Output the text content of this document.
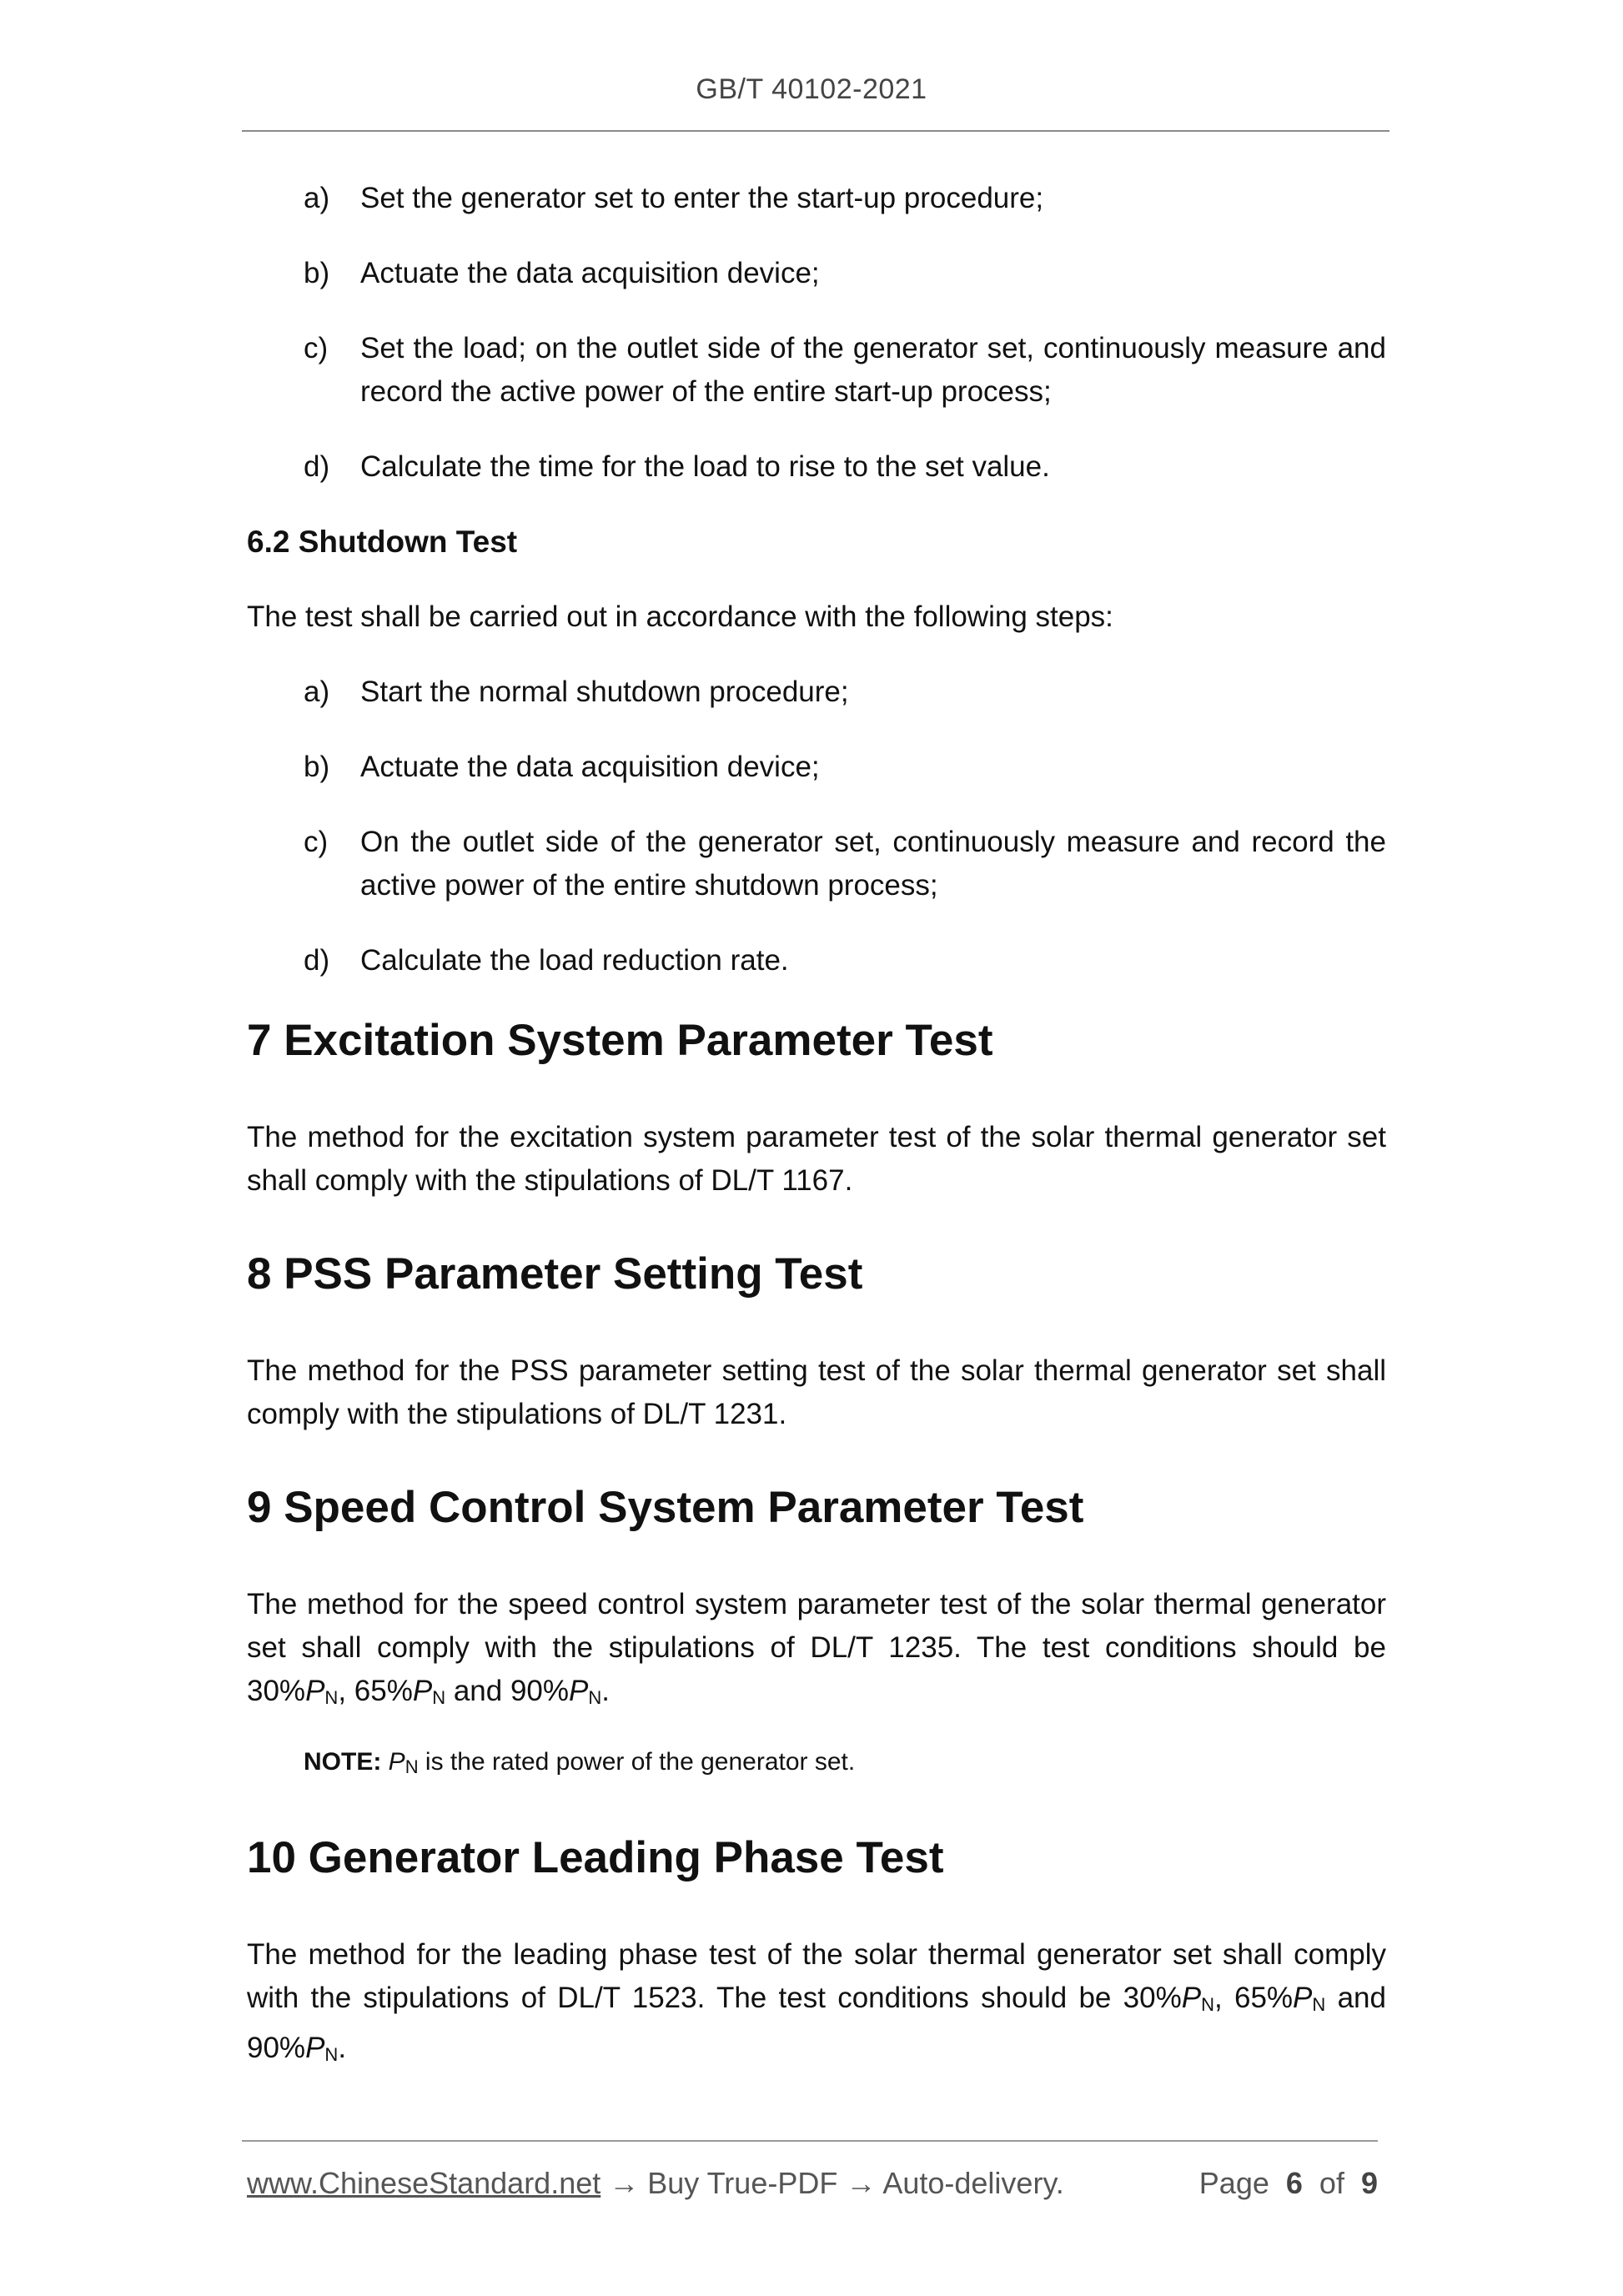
GB/T 40102-2021
a)	Set the generator set to enter the start-up procedure;
b)	Actuate the data acquisition device;
c)	Set the load; on the outlet side of the generator set, continuously measure and record the active power of the entire start-up process;
d)	Calculate the time for the load to rise to the set value.
6.2 Shutdown Test
The test shall be carried out in accordance with the following steps:
a)	Start the normal shutdown procedure;
b)	Actuate the data acquisition device;
c)	On the outlet side of the generator set, continuously measure and record the active power of the entire shutdown process;
d)	Calculate the load reduction rate.
7 Excitation System Parameter Test
The method for the excitation system parameter test of the solar thermal generator set shall comply with the stipulations of DL/T 1167.
8 PSS Parameter Setting Test
The method for the PSS parameter setting test of the solar thermal generator set shall comply with the stipulations of DL/T 1231.
9 Speed Control System Parameter Test
The method for the speed control system parameter test of the solar thermal generator set shall comply with the stipulations of DL/T 1235. The test conditions should be 30%PN, 65%PN and 90%PN.
NOTE: PN is the rated power of the generator set.
10 Generator Leading Phase Test
The method for the leading phase test of the solar thermal generator set shall comply with the stipulations of DL/T 1523. The test conditions should be 30%PN, 65%PN and 90%PN.
www.ChineseStandard.net → Buy True-PDF → Auto-delivery.	Page 6 of 9
